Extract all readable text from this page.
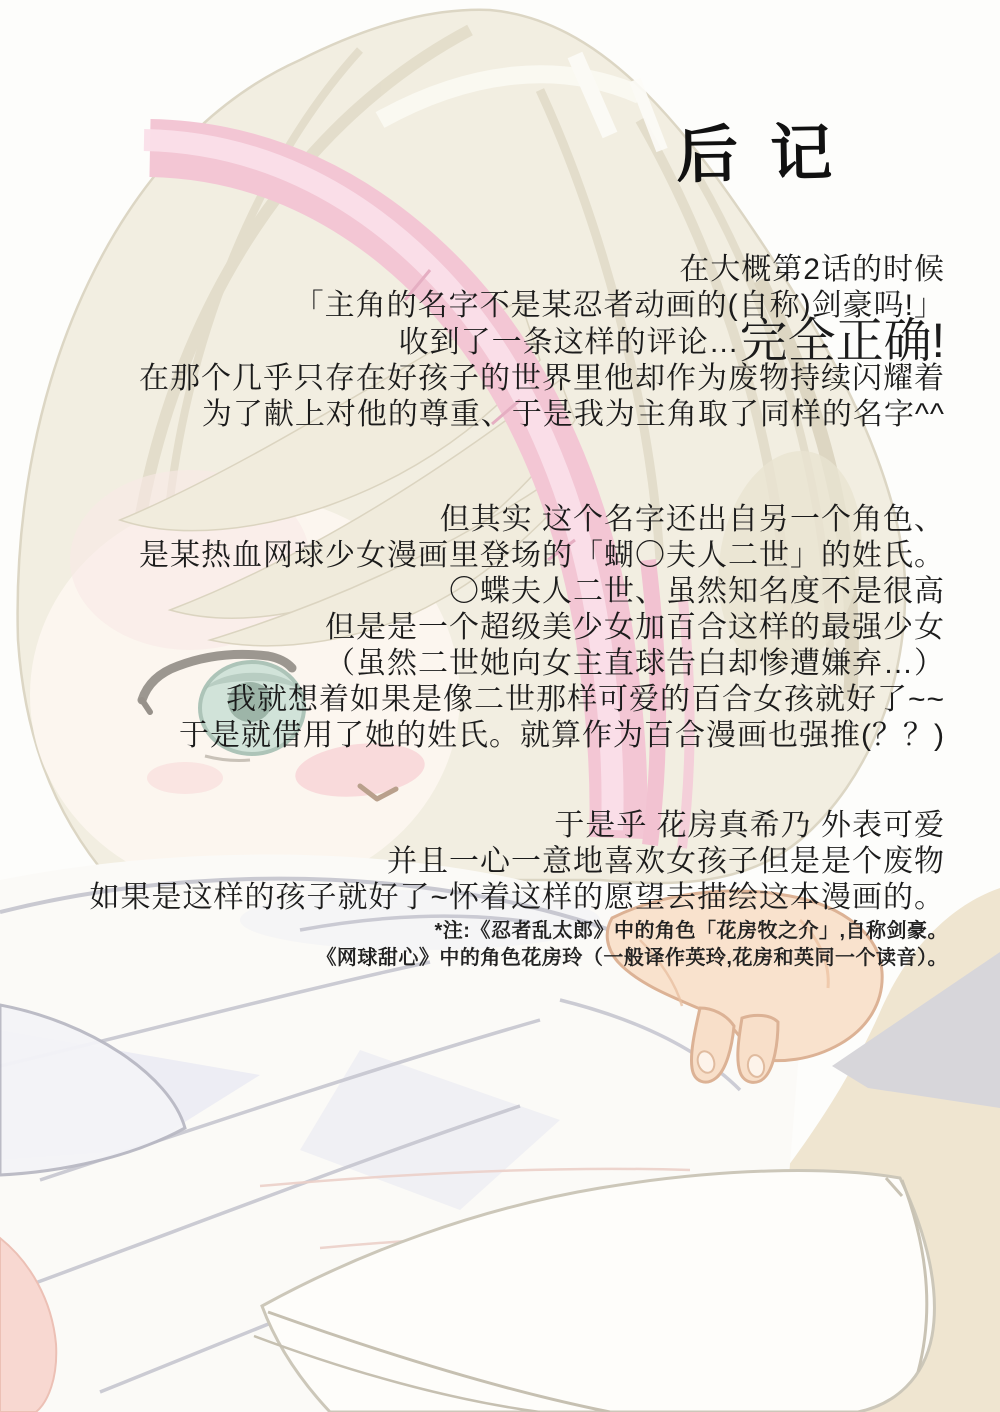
后记
在大概第2话的时候
「主角的名字不是某忍者动画的(自称)剑豪吗!」
收到了一条这样的评论…完全正确!
在那个几乎只存在好孩子的世界里他却作为废物持续闪耀着
为了献上对他的尊重、于是我为主角取了同样的名字^^
但其实 这个名字还出自另一个角色、
是某热血网球少女漫画里登场的「蝴〇夫人二世」的姓氏。
〇蝶夫人二世、虽然知名度不是很高
但是是一个超级美少女加百合这样的最强少女
（虽然二世她向女主直球告白却惨遭嫌弃…）
我就想着如果是像二世那样可爱的百合女孩就好了~~
于是就借用了她的姓氏。就算作为百合漫画也强推(？？)
于是乎 花房真希乃 外表可爱
并且一心一意地喜欢女孩子但是是个废物
如果是这样的孩子就好了~怀着这样的愿望去描绘这本漫画的。
*注:《忍者乱太郎》中的角色「花房牧之介」,自称剑豪。
《网球甜心》中的角色花房玲（一般译作英玲,花房和英同一个读音）。
